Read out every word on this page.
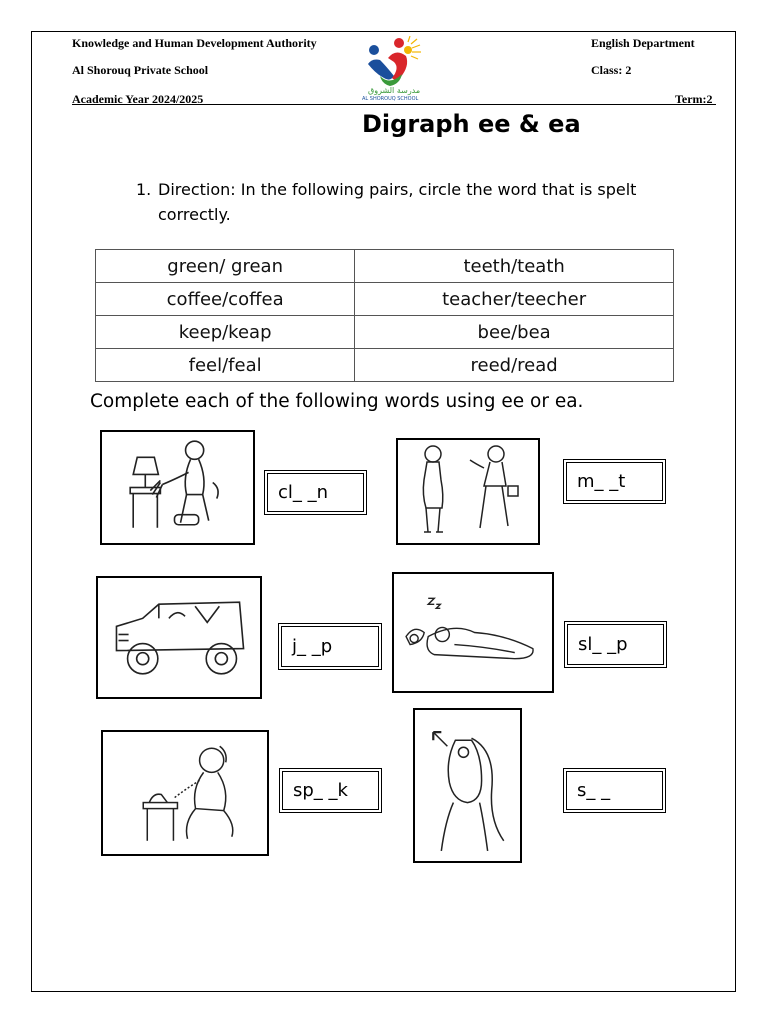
Knowledge and Human Development Authority
Al Shorouq Private School
Academic Year 2024/2025
English Department
Class: 2
Term:2
مدرسة الشروق
AL SHOROUQ SCHOOL
Digraph ee & ea
1. Direction: In the following pairs, circle the word that is spelt correctly.
green/ grean	teeth/teath
coffee/coffea	teacher/teecher
keep/keap	bee/bea
feel/feal	reed/read
Complete each of the following words using ee or ea.
cl_ _n
m_ _t
j_ _p	sl_ _p
sp_ _k	s_ _
